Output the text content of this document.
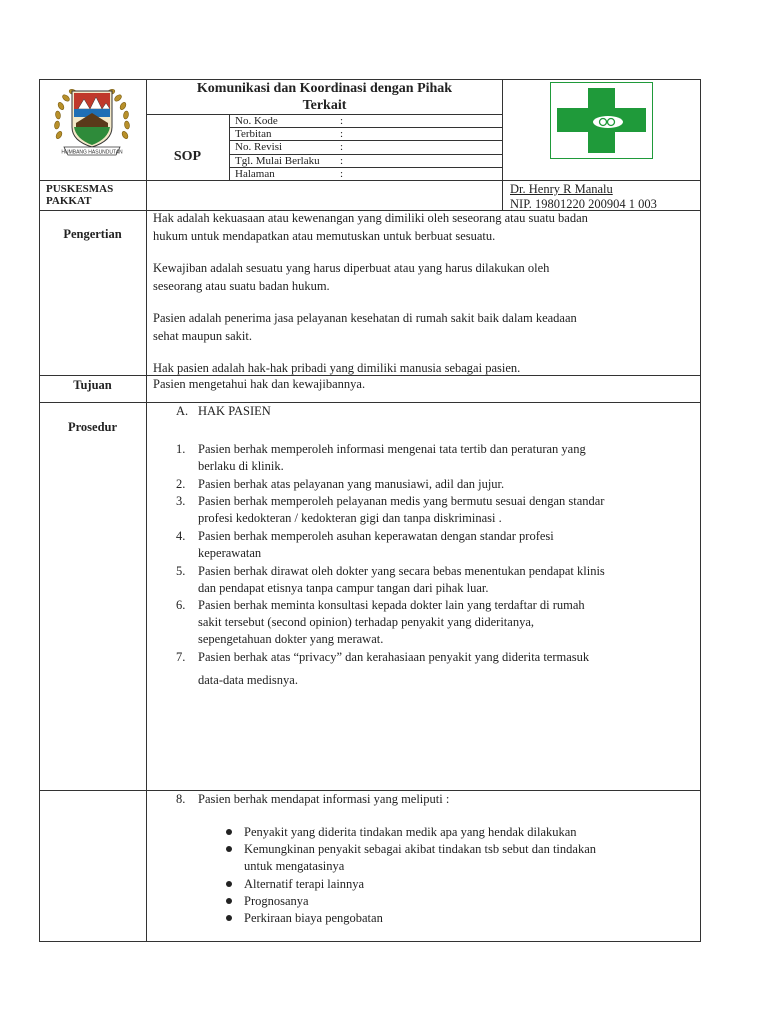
HUMBANG HASUNDUTAN
Komunikasi dan Koordinasi dengan Pihak
Terkait
SOP
No. Kode	:
Terbitan	:
No. Revisi	:
Tgl. Mulai Berlaku :
Halaman	:
PUSKESMAS
PAKKAT
Dr. Henry R Manalu
NIP. 19801220 200904 1 003
Pengertian
Hak adalah kekuasaan atau kewenangan yang dimiliki oleh seseorang atau suatu badan
hukum untuk mendapatkan atau memutuskan untuk berbuat sesuatu.
Kewajiban adalah sesuatu yang harus diperbuat atau yang harus dilakukan oleh
seseorang atau suatu badan hukum.
Pasien adalah penerima jasa pelayanan kesehatan di rumah sakit baik dalam keadaan
sehat maupun sakit.
Hak pasien adalah hak-hak pribadi yang dimiliki manusia sebagai pasien.
Tujuan	Pasien mengetahui hak dan kewajibannya.
Prosedur
A. HAK PASIEN
1. Pasien berhak memperoleh informasi mengenai tata tertib dan peraturan yang
berlaku di klinik.
2. Pasien berhak atas pelayanan yang manusiawi, adil dan jujur.
3. Pasien berhak memperoleh pelayanan medis yang bermutu sesuai dengan standar
profesi kedokteran / kedokteran gigi dan tanpa diskriminasi .
4. Pasien berhak memperoleh asuhan keperawatan dengan standar profesi
keperawatan
5. Pasien berhak dirawat oleh dokter yang secara bebas menentukan pendapat klinis
dan pendapat etisnya tanpa campur tangan dari pihak luar.
6. Pasien berhak meminta konsultasi kepada dokter lain yang terdaftar di rumah
sakit tersebut (second opinion) terhadap penyakit yang dideritanya,
sepengetahuan dokter yang merawat.
7. Pasien berhak atas “privacy” dan kerahasiaan penyakit yang diderita termasuk
data-data medisnya.
8. Pasien berhak mendapat informasi yang meliputi :
Penyakit yang diderita tindakan medik apa yang hendak dilakukan
Kemungkinan penyakit sebagai akibat tindakan tsb sebut dan tindakan
untuk mengatasinya
Alternatif terapi lainnya
Prognosanya
Perkiraan biaya pengobatan
